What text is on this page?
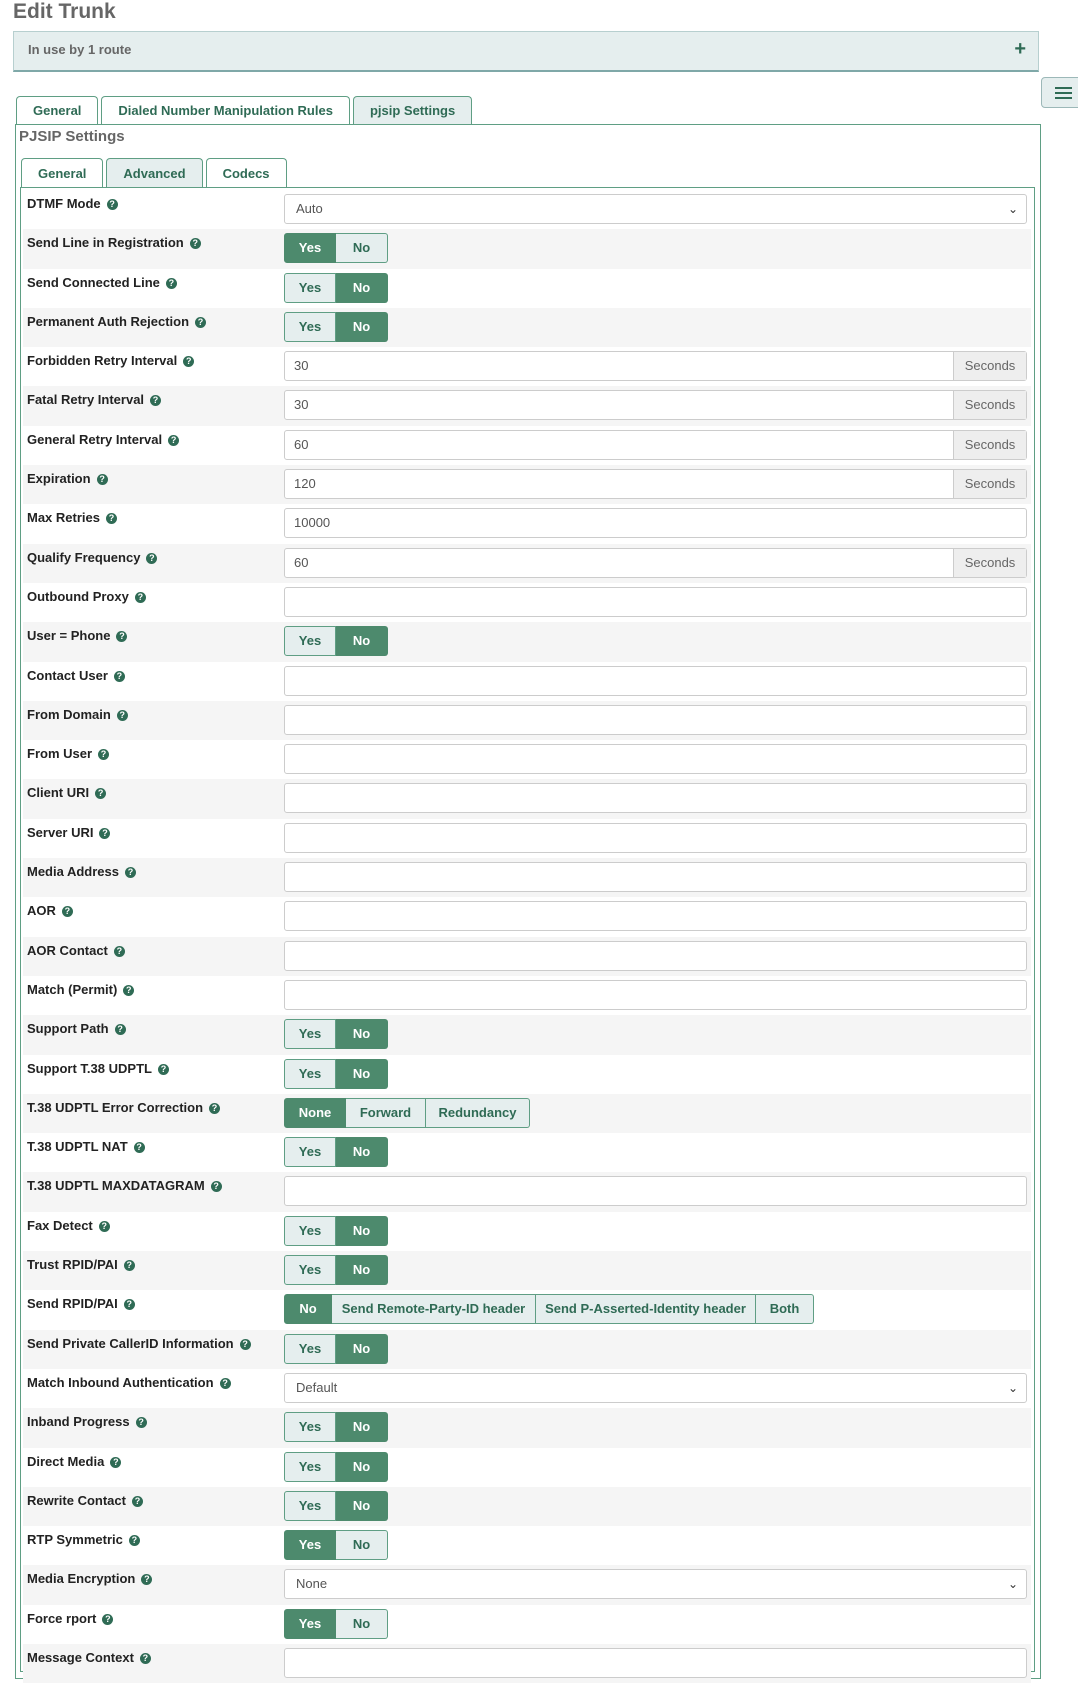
Edit Trunk
In use by 1 route	+
General	Dialed Number Manipulation Rules	pjsip Settings
PJSIP Settings
General	Advanced	Codecs
DTMF Mode ?	Auto	⌄
Send Line in Registration ?	Yes	No
Send Connected Line ?	Yes	No
Permanent Auth Rejection ?	Yes	No
Forbidden Retry Interval ?	30	Seconds
Fatal Retry Interval ?	30	Seconds
General Retry Interval ?	60	Seconds
Expiration ?	120	Seconds
Max Retries ?	10000
Qualify Frequency ?	60	Seconds
Outbound Proxy ?
User = Phone ?	Yes	No
Contact User ?
From Domain ?
From User ?
Client URI ?
Server URI ?
Media Address ?
AOR ?
AOR Contact ?
Match (Permit) ?
Support Path ?	Yes	No
Support T.38 UDPTL ?	Yes	No
T.38 UDPTL Error Correction ?	None	Forward	Redundancy
T.38 UDPTL NAT ?	Yes	No
T.38 UDPTL MAXDATAGRAM ?
Fax Detect ?	Yes	No
Trust RPID/PAI ?	Yes	No
Send RPID/PAI ?	No	Send Remote-Party-ID header	Send P-Asserted-Identity header	Both
Send Private CallerID Information ?	Yes	No
Match Inbound Authentication ?	Default	⌄
Inband Progress ?	Yes	No
Direct Media ?	Yes	No
Rewrite Contact ?	Yes	No
RTP Symmetric ?	Yes	No
Media Encryption ?	None	⌄
Force rport ?	Yes	No
Message Context ?
